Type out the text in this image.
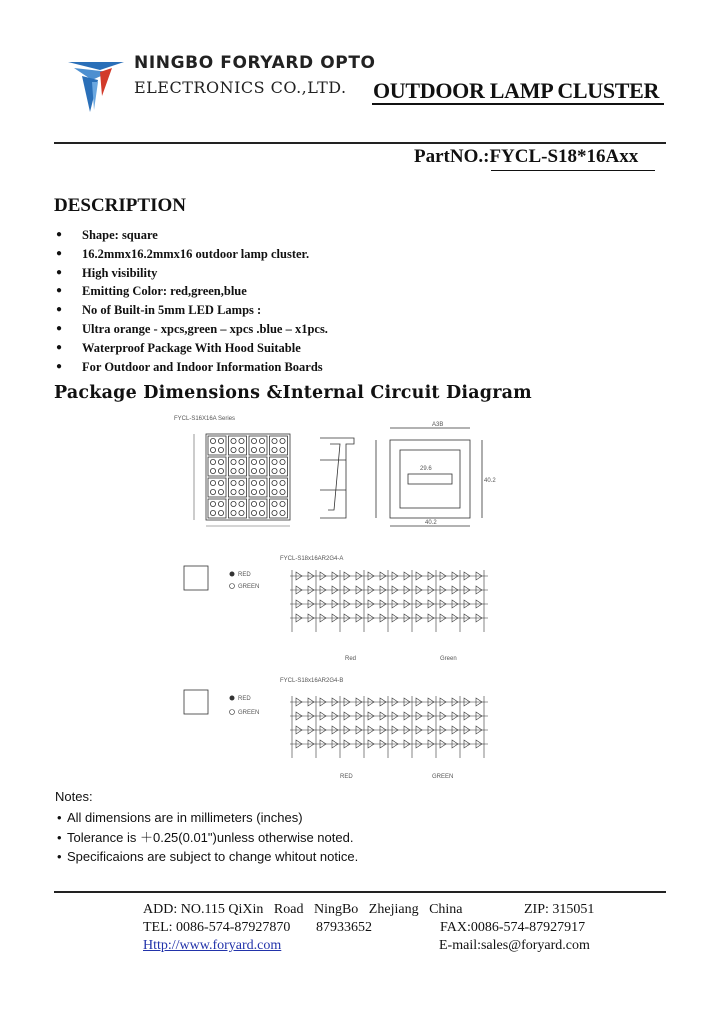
NINGBO FORYARD OPTO
ELECTRONICS CO.,LTD. OUTDOOR LAMP CLUSTER
PartNO.:FYCL-S18*16Axx
DESCRIPTION
● Shape: square
● 16.2mmx16.2mmx16 outdoor lamp cluster.
● High visibility
● Emitting Color: red,green,blue
● No of Built-in 5mm LED Lamps :
● Ultra orange - xpcs,green – xpcs .blue – x1pcs.
● Waterproof Package With Hood Suitable
● For Outdoor and Indoor Information Boards
Package Dimensions &Internal Circuit Diagram
FYCL-S16X16A Series
A3B
29.6
40.2
40.2
FYCL-S18x16AR2G4-A
RED
GREEN
Red	Green
FYCL-S18x16AR2G4-B
RED
GREEN
RED	GREEN
Notes:
• All dimensions are in millimeters (inches)
• Tolerance is ＋0.25(0.01")unless otherwise noted.
• Specificaions are subject to change whitout notice.
ADD: NO.115 QiXin   Road   NingBo   Zhejiang   China	ZIP: 315051
TEL: 0086-574-87927870 87933652	FAX:0086-574-87927917
Http://www.foryard.com	E-mail:sales@foryard.com
